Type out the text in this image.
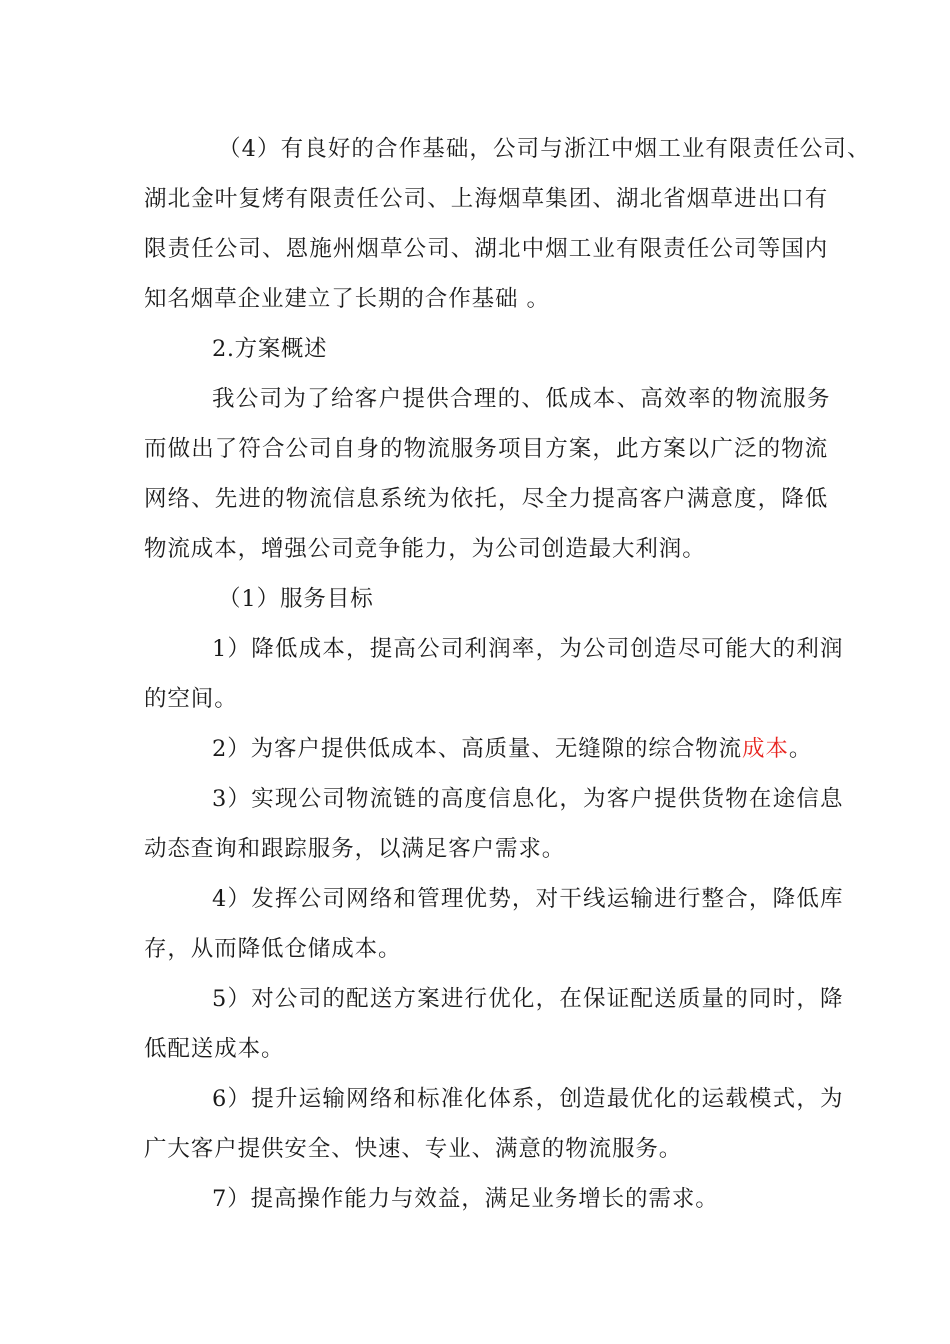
（4）有良好的合作基础，公司与浙江中烟工业有限责任公司、

湖北金叶复烤有限责任公司、上海烟草集团、湖北省烟草进出口有

限责任公司、恩施州烟草公司、湖北中烟工业有限责任公司等国内

知名烟草企业建立了长期的合作基础 。

2.方案概述

我公司为了给客户提供合理的、低成本、高效率的物流服务

而做出了符合公司自身的物流服务项目方案，此方案以广泛的物流

网络、先进的物流信息系统为依托，尽全力提高客户满意度，降低

物流成本，增强公司竞争能力，为公司创造最大利润。

（1）服务目标

1）降低成本，提高公司利润率，为公司创造尽可能大的利润

的空间。

2）为客户提供低成本、高质量、无缝隙的综合物流成本。

3）实现公司物流链的高度信息化，为客户提供货物在途信息

动态查询和跟踪服务，以满足客户需求。

4）发挥公司网络和管理优势，对干线运输进行整合，降低库

存，从而降低仓储成本。

5）对公司的配送方案进行优化，在保证配送质量的同时，降

低配送成本。

6）提升运输网络和标准化体系，创造最优化的运载模式，为

广大客户提供安全、快速、专业、满意的物流服务。

7）提高操作能力与效益，满足业务增长的需求。
